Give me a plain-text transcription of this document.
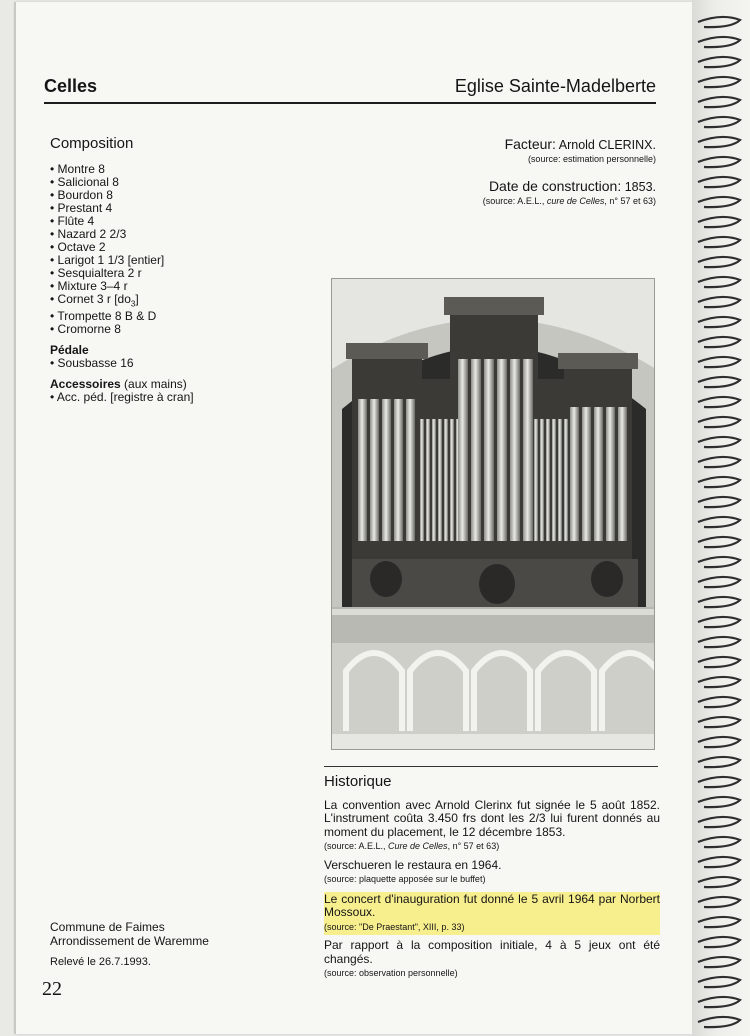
Celles	Eglise Sainte-Madelberte
Composition
• Montre 8
• Salicional 8
• Bourdon 8
• Prestant 4
• Flûte 4
• Nazard 2 2/3
• Octave 2
• Larigot 1 1/3 [entier]
• Sesquialtera 2 r
• Mixture 3–4 r
• Cornet 3 r $[do_3]$
• Trompette 8 B & D
• Cromorne 8
Pédale
• Sousbasse 16
Accessoires (aux mains)
• Acc. péd. [registre à cran]
Facteur: Arnold CLERINX.
(source: estimation personnelle)
Date de construction: 1853.
(source: A.E.L., cure de Celles, n° 57 et 63)
Historique

La convention avec Arnold Clerinx fut signée le 5 août 1852. L'instrument coûta 3.450 frs dont les 2/3 lui furent donnés au moment du placement, le 12 décembre 1853.

(source: A.E.L., Cure de Celles, n° 57 et 63)

Verschueren le restaura en 1964.

(source: plaquette apposée sur le buffet)

Le concert d'inauguration fut donné le 5 avril 1964 par Norbert Mossoux.

(source: "De Praestant", XIII, p. 33)

Par rapport à la composition initiale, 4 à 5 jeux ont été changés.

(source: observation personnelle)
Commune de Faimes
Arrondissement de Waremme
Relevé le 26.7.1993.
22
